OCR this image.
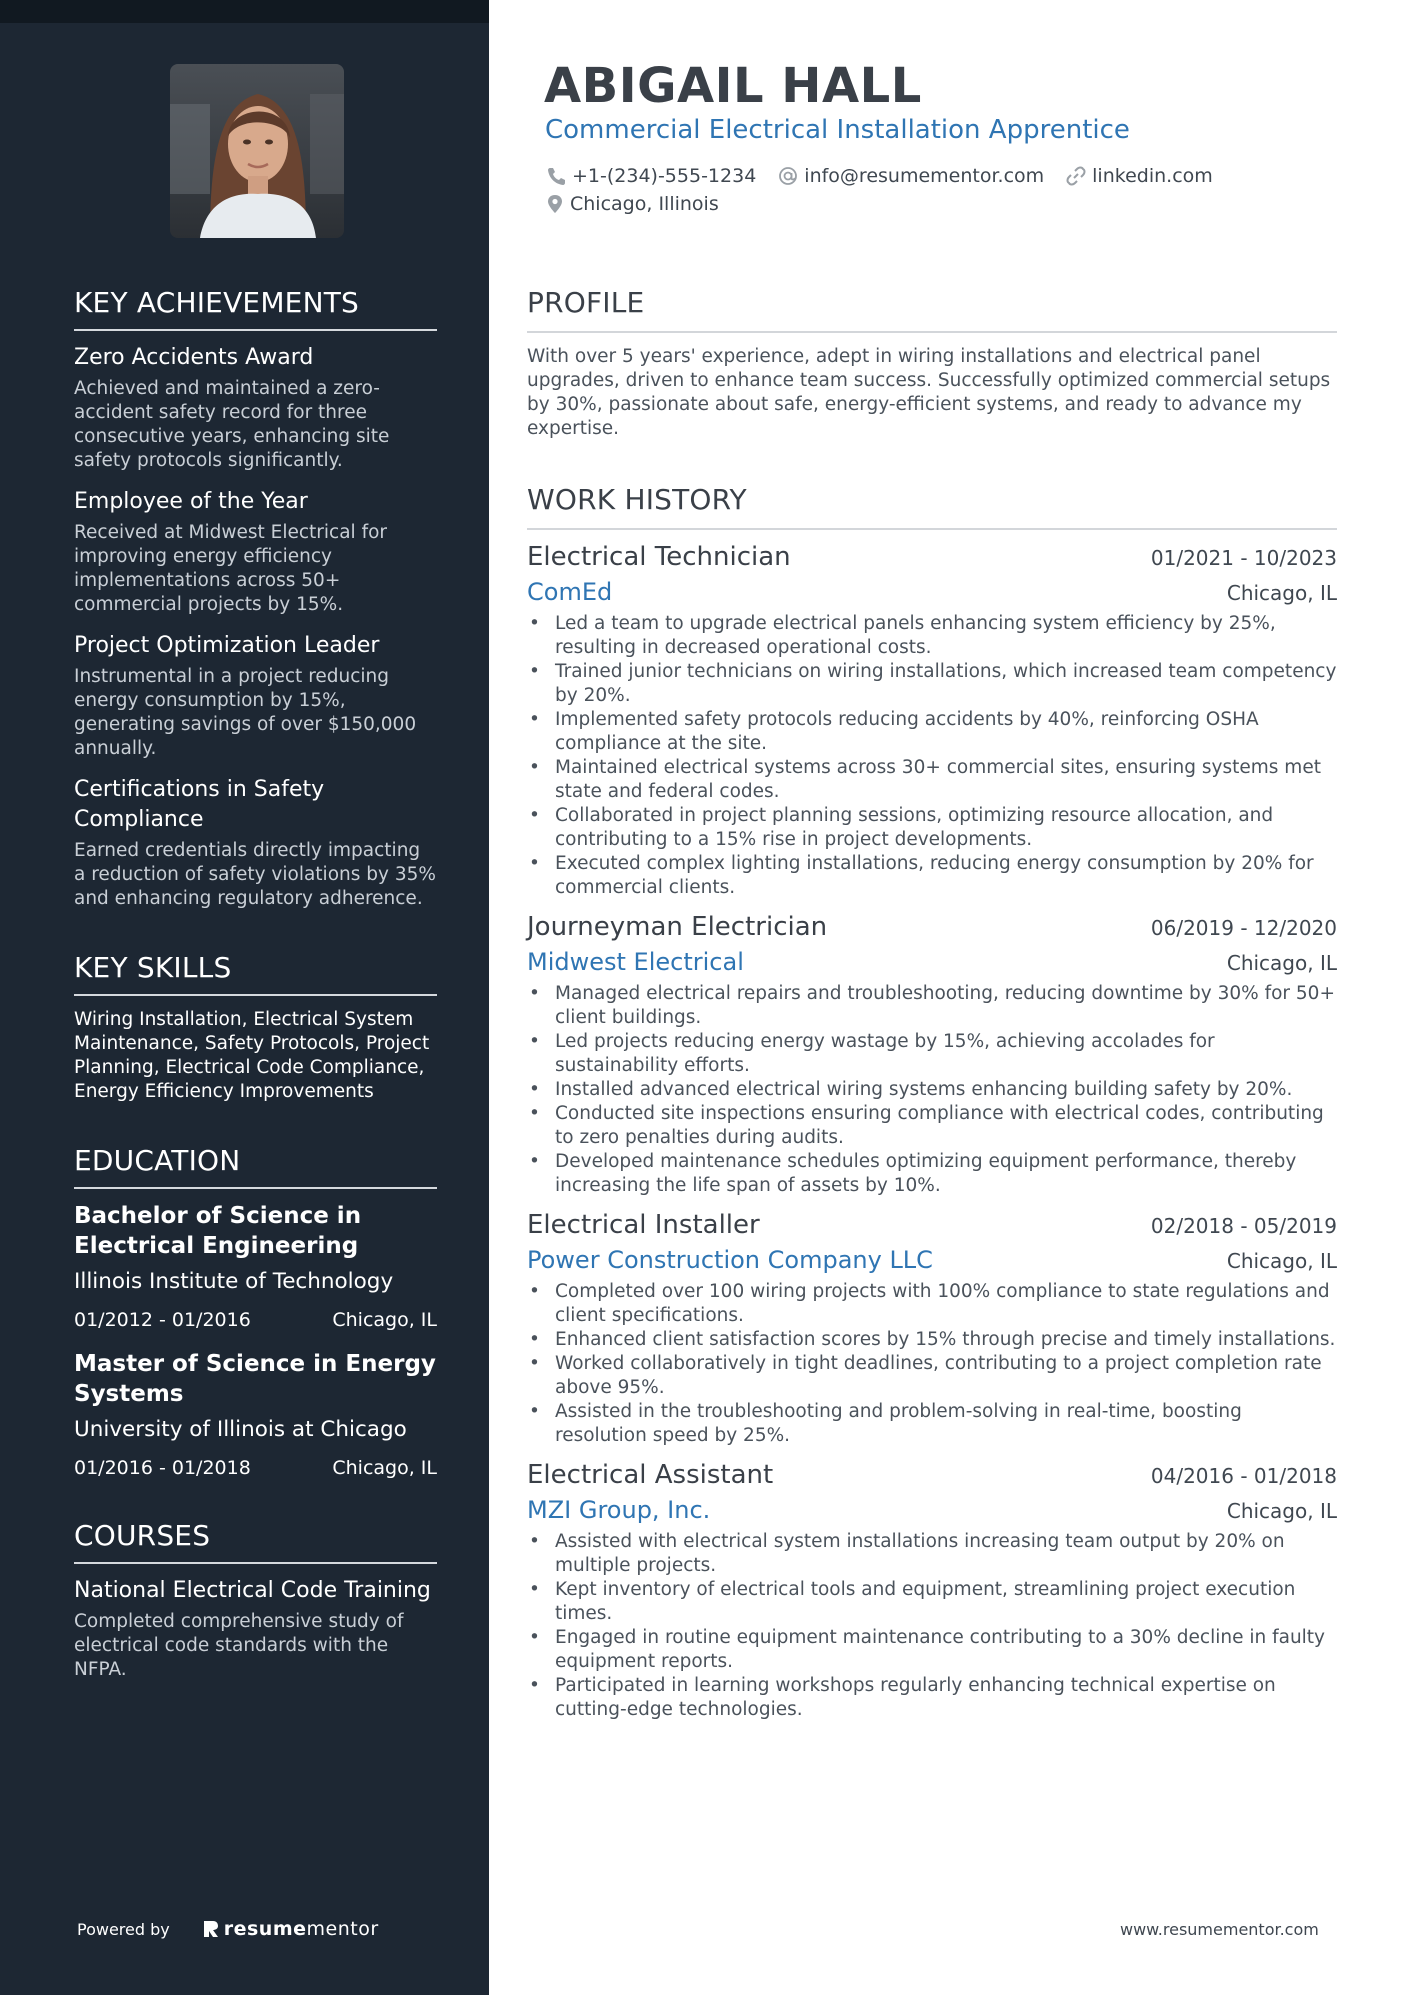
KEY ACHIEVEMENTS
Zero Accidents Award
Achieved and maintained a zero-accident safety record for three consecutive years, enhancing site safety protocols significantly.
Employee of the Year
Received at Midwest Electrical for improving energy efficiency implementations across 50+ commercial projects by 15%.
Project Optimization Leader
Instrumental in a project reducing energy consumption by 15%, generating savings of over $150,000 annually.
Certifications in Safety Compliance
Earned credentials directly impacting a reduction of safety violations by 35% and enhancing regulatory adherence.
KEY SKILLS
Wiring Installation, Electrical System Maintenance, Safety Protocols, Project Planning, Electrical Code Compliance, Energy Efficiency Improvements
EDUCATION
Bachelor of Science in Electrical Engineering
Illinois Institute of Technology
01/2012 - 01/2016	Chicago, IL
Master of Science in Energy Systems
University of Illinois at Chicago
01/2016 - 01/2018	Chicago, IL
COURSES
National Electrical Code Training
Completed comprehensive study of electrical code standards with the NFPA.
Powered by	resume mentor
ABIGAIL HALL
Commercial Electrical Installation Apprentice
+1-(234)-555-1234	info@resumementor.com	linkedin.com
Chicago, Illinois
PROFILE

With over 5 years' experience, adept in wiring installations and electrical panel upgrades, driven to enhance team success. Successfully optimized commercial setups by 30%, passionate about safe, energy-efficient systems, and ready to advance my expertise.

WORK HISTORY
Electrical Technician	01/2021 - 10/2023
ComEd	Chicago, IL
• Led a team to upgrade electrical panels enhancing system efficiency by 25%, resulting in decreased operational costs.
• Trained junior technicians on wiring installations, which increased team competency by 20%.
• Implemented safety protocols reducing accidents by 40%, reinforcing OSHA compliance at the site.
• Maintained electrical systems across 30+ commercial sites, ensuring systems met state and federal codes.
• Collaborated in project planning sessions, optimizing resource allocation, and contributing to a 15% rise in project developments.
• Executed complex lighting installations, reducing energy consumption by 20% for commercial clients.
Journeyman Electrician	06/2019 - 12/2020
Midwest Electrical	Chicago, IL
• Managed electrical repairs and troubleshooting, reducing downtime by 30% for 50+ client buildings.
• Led projects reducing energy wastage by 15%, achieving accolades for sustainability efforts.
• Installed advanced electrical wiring systems enhancing building safety by 20%.
• Conducted site inspections ensuring compliance with electrical codes, contributing to zero penalties during audits.
• Developed maintenance schedules optimizing equipment performance, thereby increasing the life span of assets by 10%.
Electrical Installer	02/2018 - 05/2019
Power Construction Company LLC	Chicago, IL
• Completed over 100 wiring projects with 100% compliance to state regulations and client specifications.
• Enhanced client satisfaction scores by 15% through precise and timely installations.
• Worked collaboratively in tight deadlines, contributing to a project completion rate above 95%.
• Assisted in the troubleshooting and problem-solving in real-time, boosting resolution speed by 25%.
Electrical Assistant	04/2016 - 01/2018
MZI Group, Inc.	Chicago, IL
• Assisted with electrical system installations increasing team output by 20% on multiple projects.
• Kept inventory of electrical tools and equipment, streamlining project execution times.
• Engaged in routine equipment maintenance contributing to a 30% decline in faulty equipment reports.
• Participated in learning workshops regularly enhancing technical expertise on cutting-edge technologies.
www.resumementor.com
